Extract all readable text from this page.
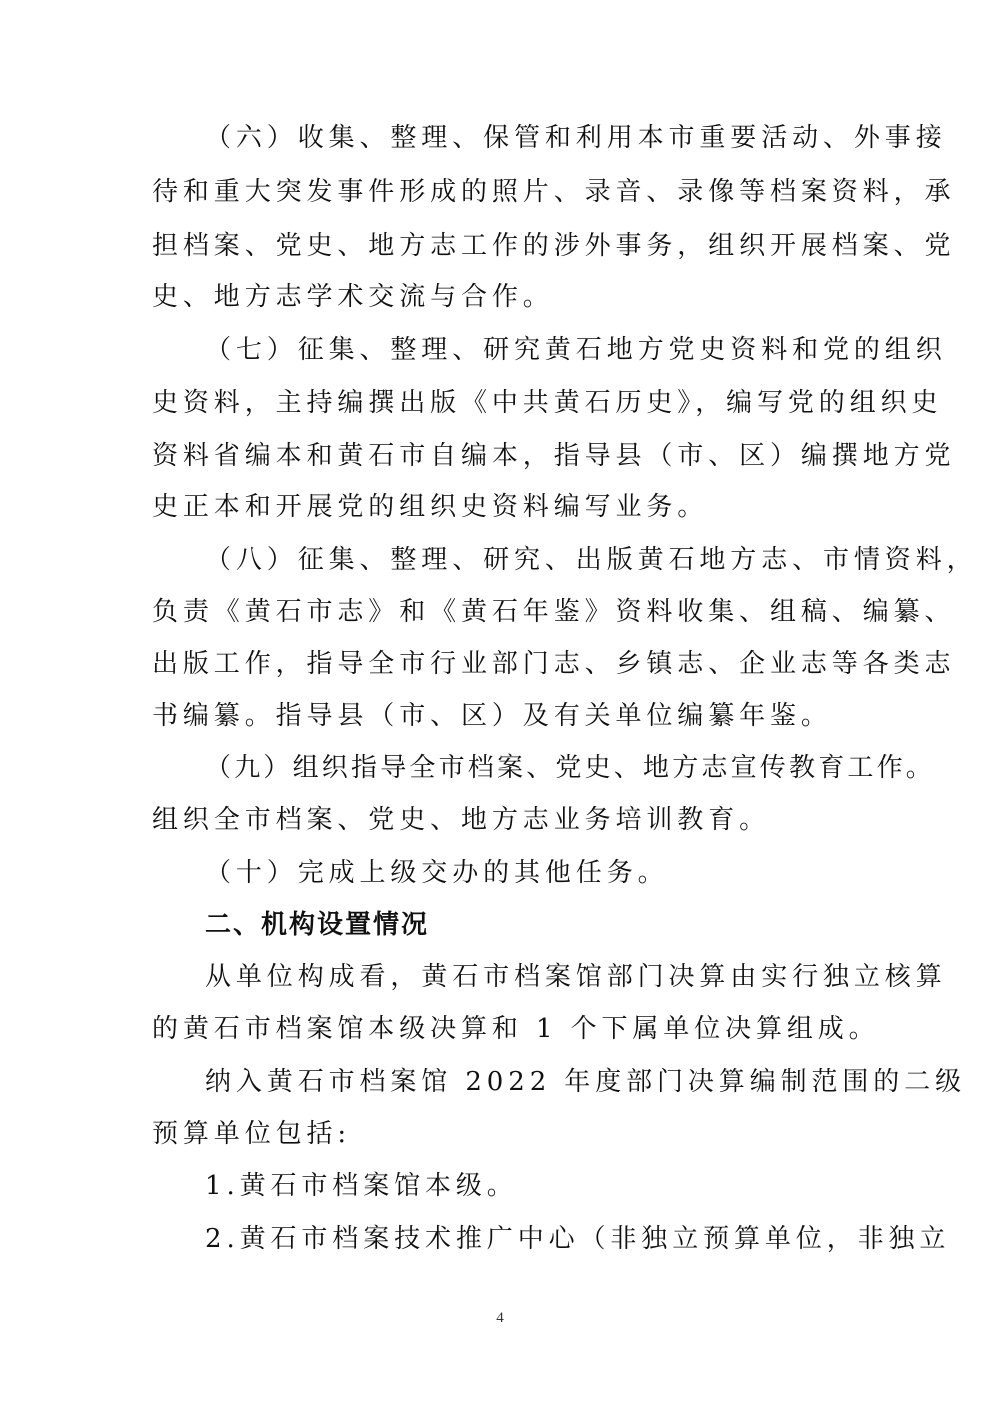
（六）收集、整理、保管和利用本市重要活动、外事接
待和重大突发事件形成的照片、录音、录像等档案资料，承
担档案、党史、地方志工作的涉外事务，组织开展档案、党
史、地方志学术交流与合作。
（七）征集、整理、研究黄石地方党史资料和党的组织
史资料，主持编撰出版《中共黄石历史》，编写党的组织史
资料省编本和黄石市自编本，指导县（市、区）编撰地方党
史正本和开展党的组织史资料编写业务。
（八）征集、整理、研究、出版黄石地方志、市情资料，
负责《黄石市志》和《黄石年鉴》资料收集、组稿、编纂、
出版工作，指导全市行业部门志、乡镇志、企业志等各类志
书编纂。指导县（市、区）及有关单位编纂年鉴。
（九）组织指导全市档案、党史、地方志宣传教育工作。
组织全市档案、党史、地方志业务培训教育。
（十）完成上级交办的其他任务。
二、机构设置情况
从单位构成看，黄石市档案馆部门决算由实行独立核算
的黄石市档案馆本级决算和 1 个下属单位决算组成。
纳入黄石市档案馆 2022 年度部门决算编制范围的二级
预算单位包括:
1.黄石市档案馆本级。
2.黄石市档案技术推广中心（非独立预算单位，非独立
4
